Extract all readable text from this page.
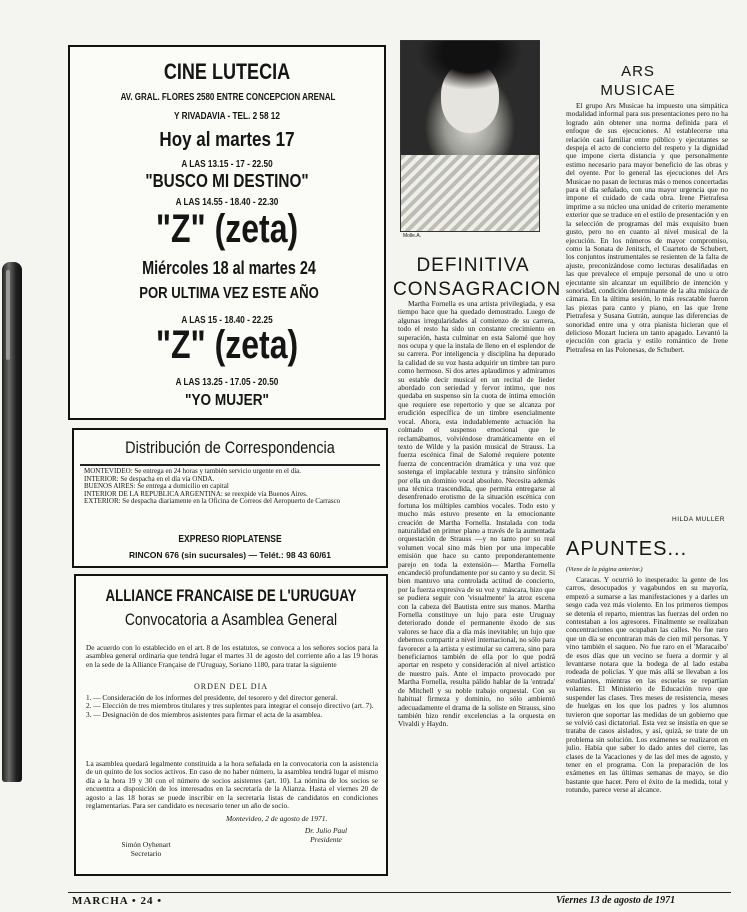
CINE LUTECIA
AV. GRAL. FLORES 2580 ENTRE CONCEPCION ARENAL
Y RIVADAVIA - TEL. 2 58 12
Hoy al martes 17
A LAS 13.15 - 17 - 22.50
"BUSCO MI DESTINO"
A LAS 14.55 - 18.40 - 22.30
"Z" (zeta)
Miércoles 18 al martes 24
POR ULTIMA VEZ ESTE AÑO
A LAS 15 - 18.40 - 22.25
"Z" (zeta)
A LAS 13.25 - 17.05 - 20.50
"YO MUJER"
Distribución de Correspondencia
MONTEVIDEO: Se entrega en 24 horas y también servicio urgente en el día.
INTERIOR: Se despacha en el día vía ONDA.
BUENOS AIRES: Se entrega a domicilio en capital
INTERIOR DE LA REPUBLICA ARGENTINA: se reexpide vía Buenos Aires.
EXTERIOR: Se despacha diariamente en la Oficina de Correos del Aeropuerto de Carrasco
EXPRESO RIOPLATENSE
RINCON 676 (sin sucursales) — Telét.: 98 43 60/61
ALLIANCE FRANCAISE DE L'URUGUAY
Convocatoria a Asamblea General
De acuerdo con lo establecido en el art. 8 de los estatutos, se convoca a los señores socios para la asamblea general ordinaria que tendrá lugar el martes 31 de agosto del corriente año a las 19 horas en la sede de la Alliance Française de l'Uruguay, Soriano 1180, para tratar la siguiente
ORDEN DEL DIA
1. — Consideración de los informes del presidente, del tesorero y del director general.
2. — Elección de tres miembros titulares y tres suplentes para integrar el consejo directivo (art. 7).
3. — Designación de dos miembros asistentes para firmar el acta de la asamblea.
La asamblea quedará legalmente constituida a la hora señalada en la convocatoria con la asistencia de un quinto de los socios activos. En caso de no haber número, la asamblea tendrá lugar el mismo día a la hora 19 y 30 con el número de socios asistentes (art. 10). La nómina de los socios se encuentra a disposición de los interesados en la secretaría de la Alianza. Hasta el viernes 20 de agosto a las 18 horas se puede inscribir en la secretaría listas de candidatos en condiciones reglamentarias. Para ser candidato es necesario tener un año de socio.
Montevideo, 2 de agosto de 1971.
Simón Oyhenart
Secretario
Dr. Julio Paul
Presidente
Molle.A.
DEFINITIVA CONSAGRACION
Martha Fornella es una artista privilegiada, y esa tiempo hace que ha quedado demostrado. Luego de algunas irregularidades al comienzo de su carrera, todo el resto ha sido un constante crecimiento en superación, hasta culminar en esta Salomé que hoy nos ocupa y que la instala de lleno en el esplendor de su carrera. Por inteligencia y disciplina ha depurado la calidad de su voz hasta adquirir un timbre tan puro como hermoso. Si dos artes aplaudimos y admiramos su estable decir musical en un recital de lieder abordado con seriedad y fervor intimo, que nos quedaba en suspenso sin la cuota de íntima emoción que requiere ese repertorio y que se alcanza por erudición específica de un timbre esencialmente vocal. Ahora, esta indudablemente actuación ha colmado el suspenso emocional que le reclamábamos, volviéndose dramáticamente en el texto de Wilde y la pasión musical de Strauss. La fuerza escénica final de Salomé requiere potente fuerza de concentración dramática y una voz que sostenga el implacable textura y tránsito sinfónico por ella un dominio vocal absoluto. Necesita además una técnica trascendida, que permita entregarse al desenfrenado erotismo de la situación escénica con fortuna los múltiples cambios vocales. Todo esto y mucho más estuvo presente en la emocionante creación de Martha Fornella. Instalada con toda naturalidad en primer plano a través de la aumentada orquestación de Strauss —y no tanto por su real volumen vocal sino más bien por una impecable emisión que hace su canto preponderantemente parejo en toda la extensión— Martha Fornella encandeció profundamente por su canto y su decir. Si bien mantuvo una controlada actitud de concierto, por la fuerza expresiva de su voz y máscara, hizo que se pudiera seguir con 'visualmente' la atroz escena con la cabeza del Bautista entre sus manos. Martha Fornella constituye un lujo para este Uruguay deteriorado donde el permanente éxodo de sus valores se hace día a día más inevitable; un lujo que debemos compartir a nivel internacional, no sólo para favorecer a la artista y estimular su carrera, sino para beneficiarnos también de ella por lo que podrá aportar en respeto y consideración al nivel artístico de nuestro país. Ante el impacto provocado por Martha Fornella, resulta pálido hablar de la 'entrada' de Mitchell y su noble trabajo orquestal. Con su habitual firmeza y dominio, no sólo ambientó adecuadamente el drama de la soliste en Strauss, sino también hizo rendir excelencias a la orquesta en Vivaldi y Haydn.
ARS MUSICAE
El grupo Ars Musicae ha impuesto una simpática modalidad informal para sus presentaciones pero no ha logrado aún obtener una norma definida para el enfoque de sus ejecuciones. Al establecerse una relación casi familiar entre público y ejecutantes se despeja el acto de concierto del respeto y la dignidad que impone cierta distancia y que personalmente estimo necesario para mayor beneficio de las obras y del oyente. Por lo general las ejecuciones del Ars Musicae no pasan de lecturas más o menos concertadas para el día señalado, con una mayor urgencia que no impone el cuidado de cada obra. Irene Pietrafesa imprime a su núcleo una unidad de criterio meramente exterior que se traduce en el estilo de presentación y en la selección de programas del más exquisito buen gusto, pero no en cuanto al nivel musical de la ejecución. En los números de mayor compromiso, como la Sonata de Jenitsch, el Cuarteto de Schubert, los conjuntos instrumentales se resienten de la falta de ajuste, preconizándose como lecturas desaliñadas en las que prevalece el empuje personal de uno u otro ejecutante sin alcanzar un equilibrio de intención y sonoridad, condición determinante de la alta música de cámara. En la última sesión, lo más rescatable fueron las piezas para canto y piano, en las que Irene Pietrafesa y Susana Gutrán, aunque las diferencias de sonoridad entre una y otra pianista hicieran que el delicioso Mozart luciera un tanto apagado. Levantó la ejecución con gracia y estilo romántico de Irene Pietrafesa en las Polonesas, de Schubert.
HILDA MULLER
APUNTES...
(Viene de la página anterior.)
Caracas. Y ocurrió lo inesperado: la gente de los carros, desocupados y vagabundos en su mayoría, empezó a sumarse a las manifestaciones y a darles un sesgo cada vez más violento. En los primeros tiempos se detenía el reparto, mientras las fuerzas del orden no contestaban a los agresores. Finalmente se realizaban concentraciones que ocupaban las calles. No fue raro que un día se encontraran más de cien mil personas. Y vino también el saqueo. No fue raro en el 'Maracaibo' de esos días que un vecino se fuera a dormir y al levantarse notara que la bodega de al lado estaba rodeada de policías. Y que más allá se llevaban a los estudiantes, mientras en las escuelas se repartían volantes. El Ministerio de Educación tuvo que suspender las clases. Tres meses de resistencia, meses de huelgas en los que los padres y los alumnos tuvieron que soportar las medidas de un gobierno que se volvió casi dictatorial. Esta vez se insistía en que se trataba de casos aislados, y así, quizá, se trate de un problema sin solución. Los exámenes se realizaron en julio. Había que saber lo dado antes del cierre, las clases de la Vacaciones y de las del mes de agosto, y tener en el programa. Con la preparación de los exámenes en las últimas semanas de mayo, se dio bastante que hacer. Pero el éxito de la medida, total y rotundo, parece verse al alcance.
MARCHA • 24 •	Viernes 13 de agosto de 1971
